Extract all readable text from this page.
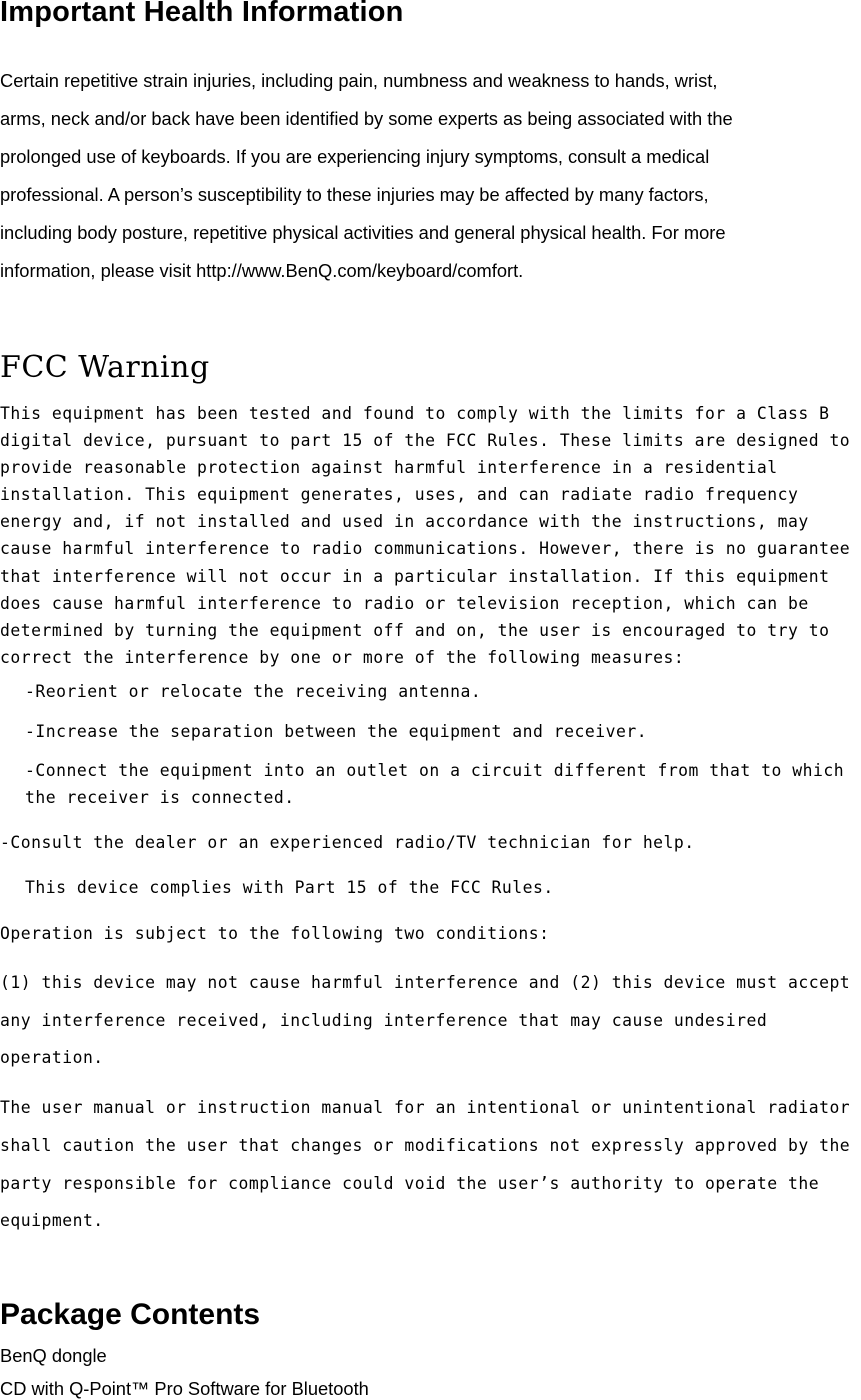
Important Health Information
Certain repetitive strain injuries, including pain, numbness and weakness to hands, wrist,
arms, neck and/or back have been identified by some experts as being associated with the
prolonged use of keyboards. If you are experiencing injury symptoms, consult a medical
professional. A person’s susceptibility to these injuries may be affected by many factors,
including body posture, repetitive physical activities and general physical health. For more
information, please visit http://www.BenQ.com/keyboard/comfort.
FCC Warning
This equipment has been tested and found to comply with the limits for a Class B
digital device, pursuant to part 15 of the FCC Rules. These limits are designed to
provide reasonable protection against harmful interference in a residential
installation. This equipment generates, uses, and can radiate radio frequency
energy and, if not installed and used in accordance with the instructions, may
cause harmful interference to radio communications. However, there is no guarantee
that interference will not occur in a particular installation. If this equipment
does cause harmful interference to radio or television reception, which can be
determined by turning the equipment off and on, the user is encouraged to try to
correct the interference by one or more of the following measures:
-Reorient or relocate the receiving antenna.
-Increase the separation between the equipment and receiver.
-Connect the equipment into an outlet on a circuit different from that to which
the receiver is connected.
-Consult the dealer or an experienced radio/TV technician for help.
This device complies with Part 15 of the FCC Rules.
Operation is subject to the following two conditions:
(1) this device may not cause harmful interference and (2) this device must accept
any interference received, including interference that may cause undesired
operation.
The user manual or instruction manual for an intentional or unintentional radiator
shall caution the user that changes or modifications not expressly approved by the
party responsible for compliance could void the user’s authority to operate the
equipment.
Package Contents
BenQ dongle
CD with Q-Point™ Pro Software for Bluetooth
